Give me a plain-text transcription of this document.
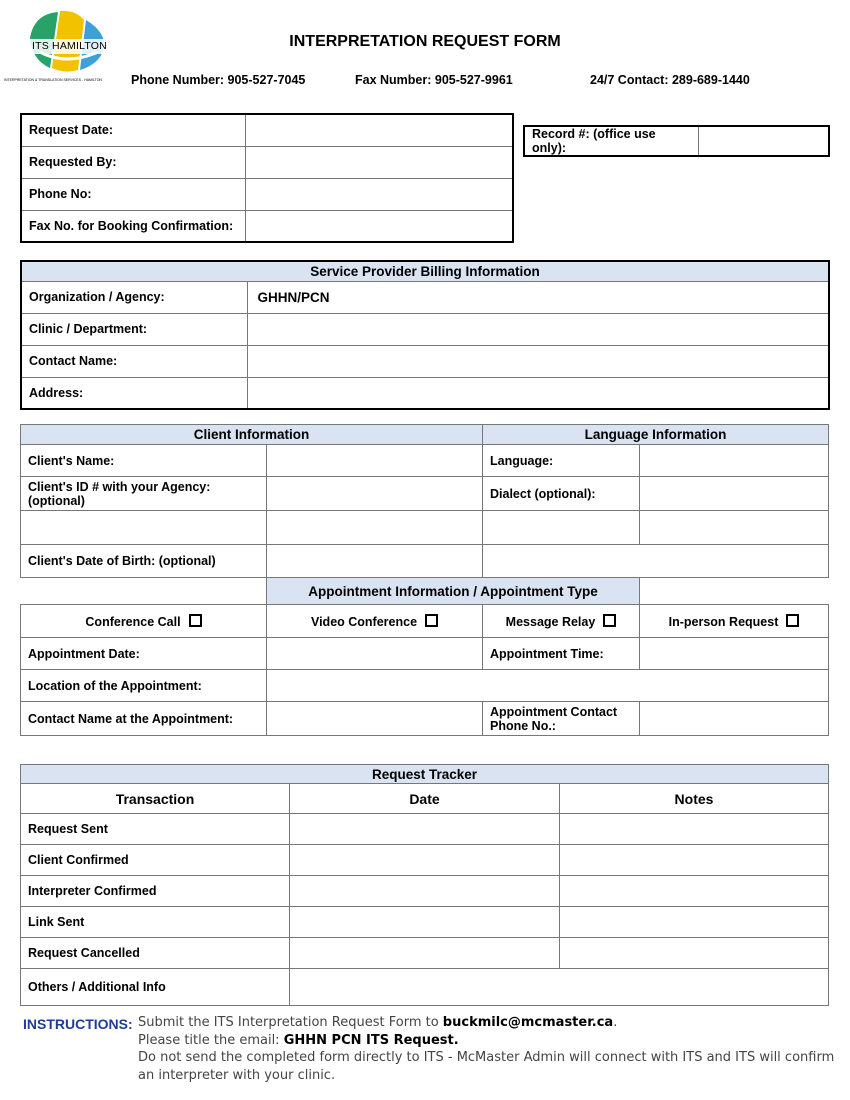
ITS HAMILTON
INTERPRETATION & TRANSLATION SERVICES - HAMILTON
INTERPRETATION REQUEST FORM
Phone Number: 905-527-7045	Fax Number: 905-527-9961	24/7 Contact: 289-689-1440
Request Date:	
Requested By:	
Phone No:	
Fax No. for Booking Confirmation:	
Record #: (office use only):	
Service Provider Billing Information	
Organization / Agency:	GHHN/PCN
Clinic / Department:	
Contact Name:	
Address:	
Client Information		Language Information	
Client's Name:		Language:	
Client's ID # with your Agency: (optional)		Dialect (optional):	

Client's Date of Birth: (optional)			
	Appointment Information / Appointment Type		
Conference Call	Video Conference	Message Relay	In-person Request
Appointment Date:		Appointment Time:	
Location of the Appointment:			
Contact Name at the Appointment:		Appointment Contact Phone No.:	
Request Tracker		
Transaction	Date	Notes
Request Sent		
Client Confirmed		
Interpreter Confirmed		
Link Sent		
Request Cancelled		
Others / Additional Info		
INSTRUCTIONS: Submit the ITS Interpretation Request Form to buckmilc@mcmaster.ca.
Please title the email: GHHN PCN ITS Request.
Do not send the completed form directly to ITS - McMaster Admin will connect with ITS and ITS will confirm
an interpreter with your clinic.
